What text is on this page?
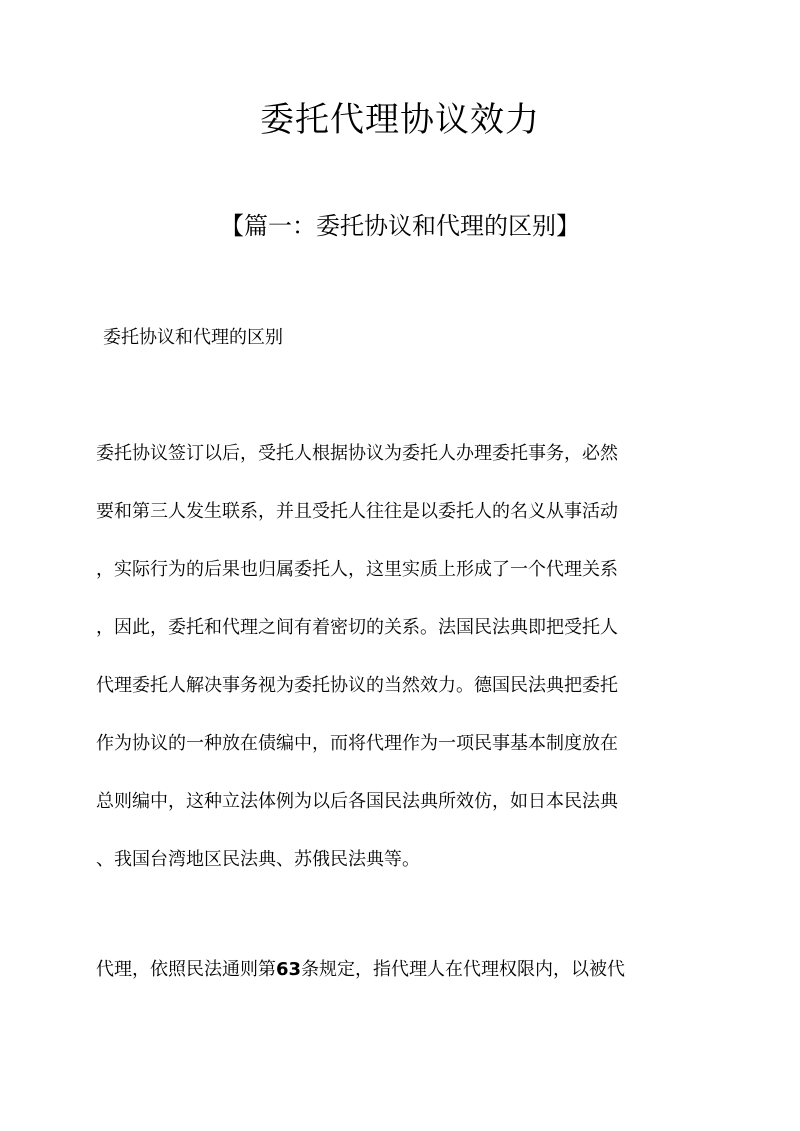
委托代理协议效力
【篇一：委托协议和代理的区别】
委托协议和代理的区别
委托协议签订以后，受托人根据协议为委托人办理委托事务，必然
要和第三人发生联系，并且受托人往往是以委托人的名义从事活动
，实际行为的后果也归属委托人，这里实质上形成了一个代理关系
，因此，委托和代理之间有着密切的关系。法国民法典即把受托人
代理委托人解决事务视为委托协议的当然效力。德国民法典把委托
作为协议的一种放在债编中，而将代理作为一项民事基本制度放在
总则编中，这种立法体例为以后各国民法典所效仿，如日本民法典
、我国台湾地区民法典、苏俄民法典等。
代理，依照民法通则第63条规定，指代理人在代理权限内，以被代
